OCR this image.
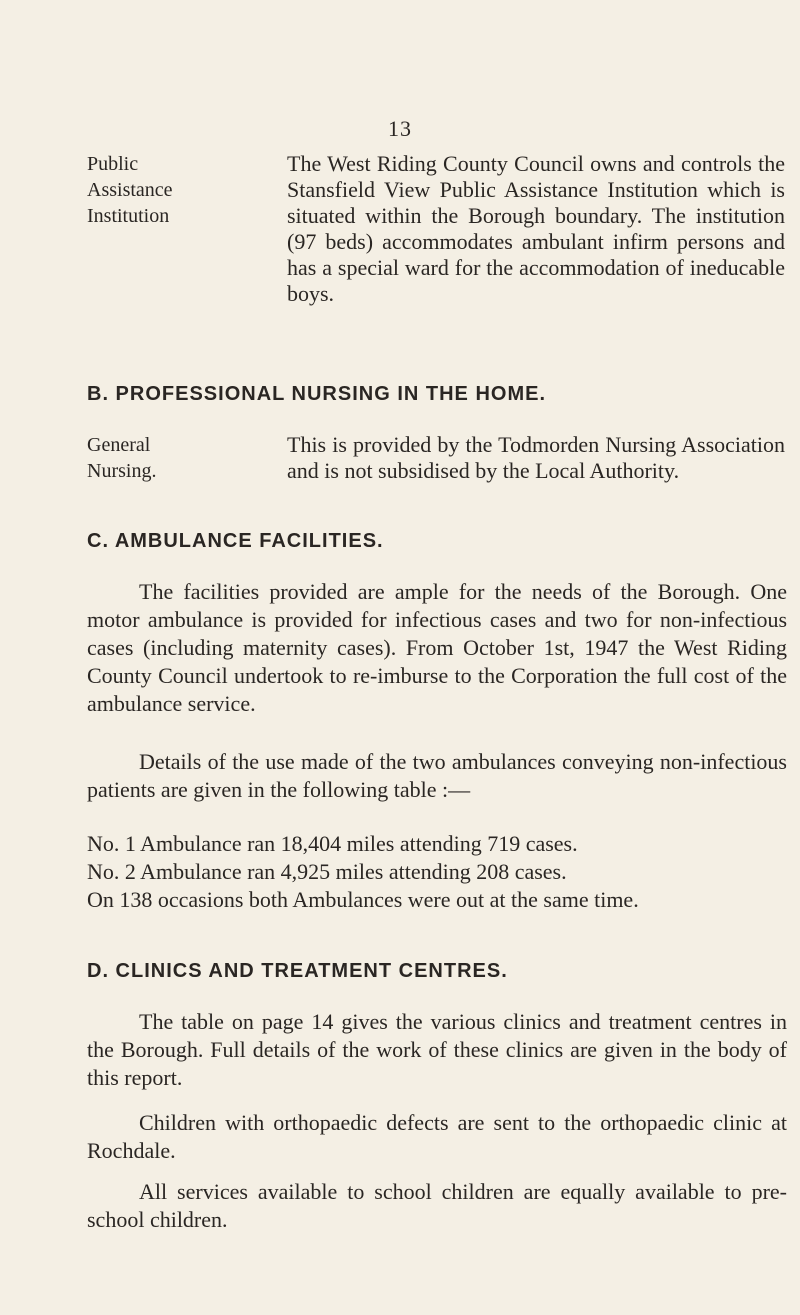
13
Public
Assistance
Institution
The West Riding County Council owns and controls the Stansfield View Public Assistance Institution which is situated within the Borough boundary. The institution (97 beds) accommodates ambulant infirm persons and has a special ward for the accommodation of ineducable boys.
B. PROFESSIONAL NURSING IN THE HOME.
General
Nursing.
This is provided by the Todmorden Nursing Association and is not subsidised by the Local Authority.
C. AMBULANCE FACILITIES.
The facilities provided are ample for the needs of the Borough. One motor ambulance is provided for infectious cases and two for non-infectious cases (including maternity cases). From October 1st, 1947 the West Riding County Council undertook to re-imburse to the Corporation the full cost of the ambulance service.
Details of the use made of the two ambulances conveying non-infectious patients are given in the following table :—
No. 1 Ambulance ran 18,404 miles attending 719 cases.
No. 2 Ambulance ran 4,925 miles attending 208 cases.
On 138 occasions both Ambulances were out at the same time.
D. CLINICS AND TREATMENT CENTRES.
The table on page 14 gives the various clinics and treatment centres in the Borough. Full details of the work of these clinics are given in the body of this report.
Children with orthopaedic defects are sent to the orthopaedic clinic at Rochdale.
All services available to school children are equally available to pre-school children.
